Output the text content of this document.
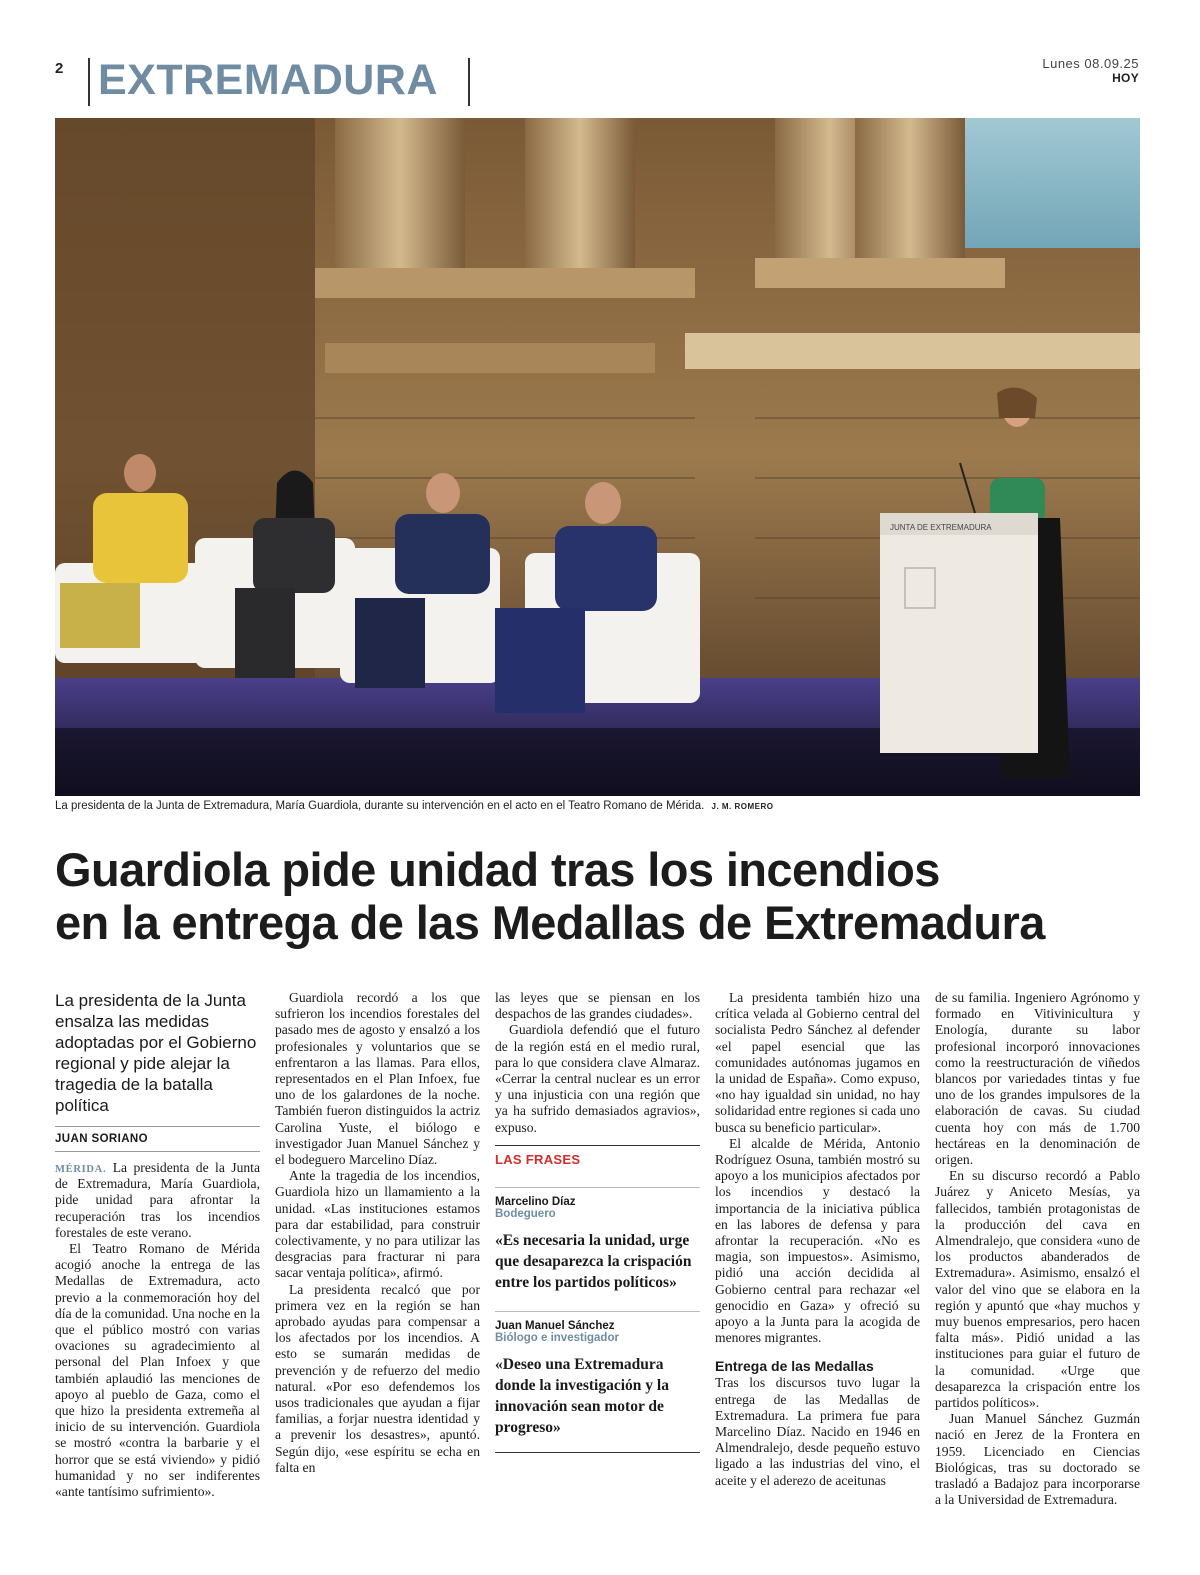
2 EXTREMADURA	Lunes 08.09.25
HOY
JUNTA DE EXTREMADURA
La presidenta de la Junta de Extremadura, María Guardiola, durante su intervención en el acto en el Teatro Romano de Mérida. J. M. ROMERO
Guardiola pide unidad tras los incendios
en la entrega de las Medallas de Extremadura
La presidenta de la Junta ensalza las medidas adoptadas por el Gobierno regional y pide alejar la tragedia de la batalla política
JUAN SORIANO

MÉRIDA. La presidenta de la Junta de Extremadura, María Guardiola, pide unidad para afrontar la recuperación tras los incendios forestales de este verano.

El Teatro Romano de Mérida acogió anoche la entrega de las Medallas de Extremadura, acto previo a la conmemoración hoy del día de la comunidad. Una noche en la que el público mostró con varias ovaciones su agradecimiento al personal del Plan Infoex y que también aplaudió las menciones de apoyo al pueblo de Gaza, como el que hizo la presidenta extremeña al inicio de su intervención. Guardiola se mostró «contra la barbarie y el horror que se está viviendo» y pidió humanidad y no ser indiferentes «ante tantísimo sufrimiento».

Guardiola recordó a los que sufrieron los incendios forestales del pasado mes de agosto y ensalzó a los profesionales y voluntarios que se enfrentaron a las llamas. Para ellos, representados en el Plan Infoex, fue uno de los galardones de la noche. También fueron distinguidos la actriz Carolina Yuste, el biólogo e investigador Juan Manuel Sánchez y el bodeguero Marcelino Díaz.

Ante la tragedia de los incendios, Guardiola hizo un llamamiento a la unidad. «Las instituciones estamos para dar estabilidad, para construir colectivamente, y no para utilizar las desgracias para fracturar ni para sacar ventaja política», afirmó.

La presidenta recalcó que por primera vez en la región se han aprobado ayudas para compensar a los afectados por los incendios. A esto se sumarán medidas de prevención y de refuerzo del medio natural. «Por eso defendemos los usos tradicionales que ayudan a fijar familias, a forjar nuestra identidad y a prevenir los desastres», apuntó. Según dijo, «ese espíritu se echa en falta en

las leyes que se piensan en los despachos de las grandes ciudades».

Guardiola defendió que el futuro de la región está en el medio rural, para lo que considera clave Almaraz. «Cerrar la central nuclear es un error y una injusticia con una región que ya ha sufrido demasiados agravios», expuso.

LAS FRASES
Marcelino Díaz
Bodeguero
«Es necesaria la unidad, urge que desaparezca la crispación entre los partidos políticos»
Juan Manuel Sánchez
Biólogo e investigador
«Deseo una Extremadura donde la investigación y la innovación sean motor de progreso»

La presidenta también hizo una crítica velada al Gobierno central del socialista Pedro Sánchez al defender «el papel esencial que las comunidades autónomas jugamos en la unidad de España». Como expuso, «no hay igualdad sin unidad, no hay solidaridad entre regiones si cada uno busca su beneficio particular».

El alcalde de Mérida, Antonio Rodríguez Osuna, también mostró su apoyo a los municipios afectados por los incendios y destacó la importancia de la iniciativa pública en las labores de defensa y para afrontar la recuperación. «No es magia, son impuestos». Asimismo, pidió una acción decidida al Gobierno central para rechazar «el genocidio en Gaza» y ofreció su apoyo a la Junta para la acogida de menores migrantes.

Entrega de las Medallas

Tras los discursos tuvo lugar la entrega de las Medallas de Extremadura. La primera fue para Marcelino Díaz. Nacido en 1946 en Almendralejo, desde pequeño estuvo ligado a las industrias del vino, el aceite y el aderezo de aceitunas

de su familia. Ingeniero Agrónomo y formado en Vitivinicultura y Enología, durante su labor profesional incorporó innovaciones como la reestructuración de viñedos blancos por variedades tintas y fue uno de los grandes impulsores de la elaboración de cavas. Su ciudad cuenta hoy con más de 1.700 hectáreas en la denominación de origen.

En su discurso recordó a Pablo Juárez y Aniceto Mesías, ya fallecidos, también protagonistas de la producción del cava en Almendralejo, que considera «uno de los productos abanderados de Extremadura». Asimismo, ensalzó el valor del vino que se elabora en la región y apuntó que «hay muchos y muy buenos empresarios, pero hacen falta más». Pidió unidad a las instituciones para guiar el futuro de la comunidad. «Urge que desaparezca la crispación entre los partidos políticos».

Juan Manuel Sánchez Guzmán nació en Jerez de la Frontera en 1959. Licenciado en Ciencias Biológicas, tras su doctorado se trasladó a Badajoz para incorporarse a la Universidad de Extremadura.
